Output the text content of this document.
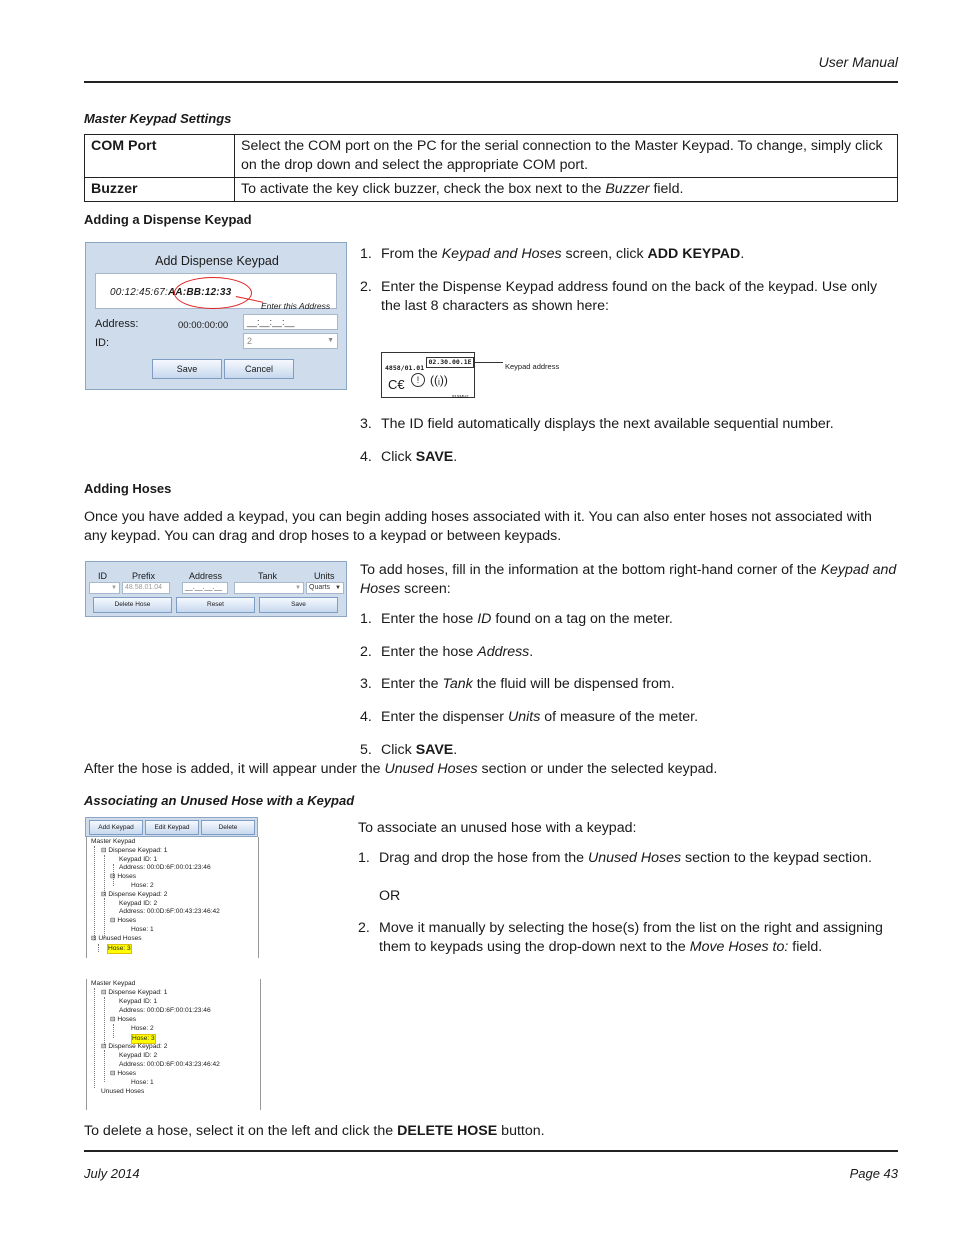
User Manual
Master Keypad Settings
COM Port	Select the COM port on the PC for the serial connection to the Master Keypad. To change, simply click on the drop down and select the appropriate COM port.
Buzzer	To activate the key click buzzer, check the box next to the Buzzer field.
Adding a Dispense Keypad
Add Dispense Keypad
00:12:45:67:AA:BB:12:33
Enter this Address
Address:	00:00:00:00	__:__:__:__
ID:	2	▼
Save	Cancel
1. From the Keypad and Hoses screen, click ADD KEYPAD.
2. Enter the Dispense Keypad address found on the back of the keypad. Use only the last 8 characters as shown here:
4858/01.01
02.30.00.1E
C€	! ((ᵢ))
915MHz
Keypad address
3. The ID field automatically displays the next available sequential number.
4. Click SAVE.
Adding Hoses
Once you have added a keypad, you can begin adding hoses associated with it. You can also enter hoses not associated with any keypad. You can drag and drop hoses to a keypad or between keypads.
ID	Prefix	Address	Tank	Units
▼	48.58.01.04	__.__.__.__	▼	Quarts ▼
Delete Hose	Reset	Save
To add hoses, fill in the information at the bottom right-hand corner of the Keypad and Hoses screen:
1. Enter the hose ID found on a tag on the meter.
2. Enter the hose Address.
3. Enter the Tank the fluid will be dispensed from.
4. Enter the dispenser Units of measure of the meter.
5. Click SAVE.
After the hose is added, it will appear under the Unused Hoses section or under the selected keypad.
Associating an Unused Hose with a Keypad
Add Keypad	Edit Keypad	Delete
Master Keypad
⊟ Dispense Keypad: 1
Keypad ID: 1
Address: 00:0D:6F:00:01:23:46
⊟ Hoses
Hose: 2
⊟ Dispense Keypad: 2
Keypad ID: 2
Address: 00:0D:6F:00:43:23:46:42
⊟ Hoses
Hose: 1
⊟ Unused Hoses
Hose: 3
Master Keypad
⊟ Dispense Keypad: 1
Keypad ID: 1
Address: 00:0D:6F:00:01:23:46
⊟ Hoses
Hose: 2
Hose: 3
⊟ Dispense Keypad: 2
Keypad ID: 2
Address: 00:0D:6F:00:43:23:46:42
⊟ Hoses
Hose: 1
Unused Hoses
To associate an unused hose with a keypad:
1. Drag and drop the hose from the Unused Hoses section to the keypad section.
OR
2. Move it manually by selecting the hose(s) from the list on the right and assigning them to keypads using the drop-down next to the Move Hoses to: field.
To delete a hose, select it on the left and click the DELETE HOSE button.
July 2014	Page 43
